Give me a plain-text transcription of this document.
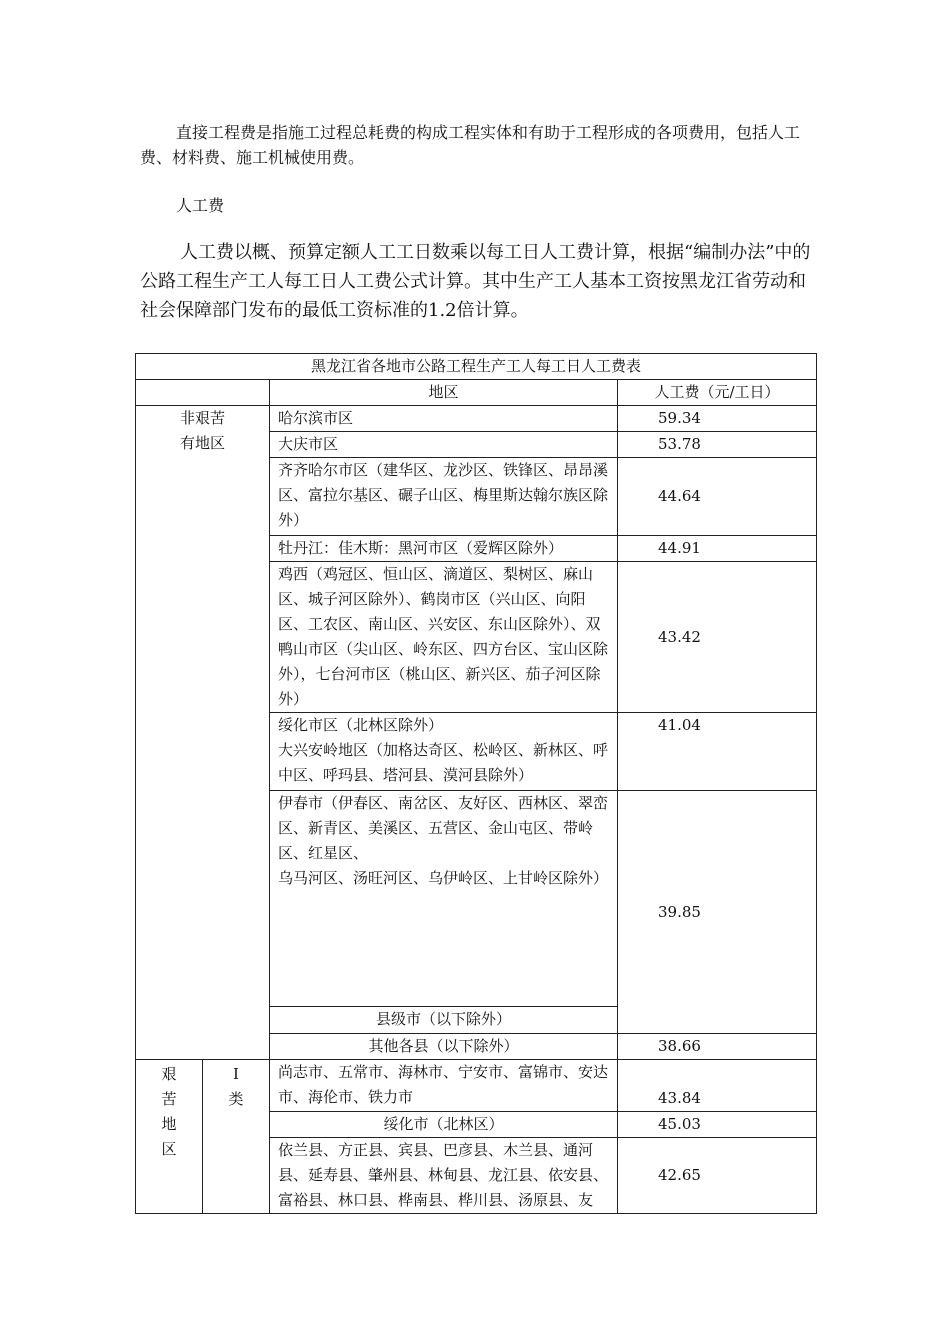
直接工程费是指施工过程总耗费的构成工程实体和有助于工程形成的各项费用，包括人工费、材料费、施工机械使用费。

人工费

人工费以概、预算定额人工工日数乘以每工日人工费计算，根据“编制办法”中的公路工程生产工人每工日人工费公式计算。其中生产工人基本工资按黑龙江省劳动和社会保障部门发布的最低工资标准的1.2倍计算。

黑龙江省各地市公路工程生产工人每工日人工费表			
		地区	人工费（元/工日）

非艰苦
有地区		哈尔滨市区	59.34
		大庆市区	53.78
		齐齐哈尔市区（建华区、龙沙区、铁锋区、昂昂溪区、富拉尔基区、碾子山区、梅里斯达翰尔族区除外）	44.64
		牡丹江：佳木斯：黑河市区（爱辉区除外）	44.91
		鸡西（鸡冠区、恒山区、滴道区、梨树区、麻山区、城子河区除外）、鹤岗市区（兴山区、向阳区、工农区、南山区、兴安区、东山区除外）、双鸭山市区（尖山区、岭东区、四方台区、宝山区除外），七台河市区（桃山区、新兴区、茄子河区除外）	43.42

		绥化市区（北林区除外）
大兴安岭地区（加格达奇区、松岭区、新林区、呼中区、呼玛县、塔河县、漠河县除外）	41.04

		伊春市（伊春区、南岔区、友好区、西林区、翠峦区、新青区、美溪区、五营区、金山屯区、带岭区、红星区、
乌马河区、汤旺河区、乌伊岭区、上甘岭区除外）	39.85
		县级市（以下除外）	
		其他各县（以下除外）	38.66

艰
苦
地
区	Ⅰ
类	尚志市、五常市、海林市、宁安市、富锦市、安达市、海伦市、铁力市	43.84
		绥化市（北林区）	45.03
		依兰县、方正县、宾县、巴彦县、木兰县、通河县、延寿县、肇州县、林甸县、龙江县、依安县、富裕县、林口县、桦南县、桦川县、汤原县、友	42.65
